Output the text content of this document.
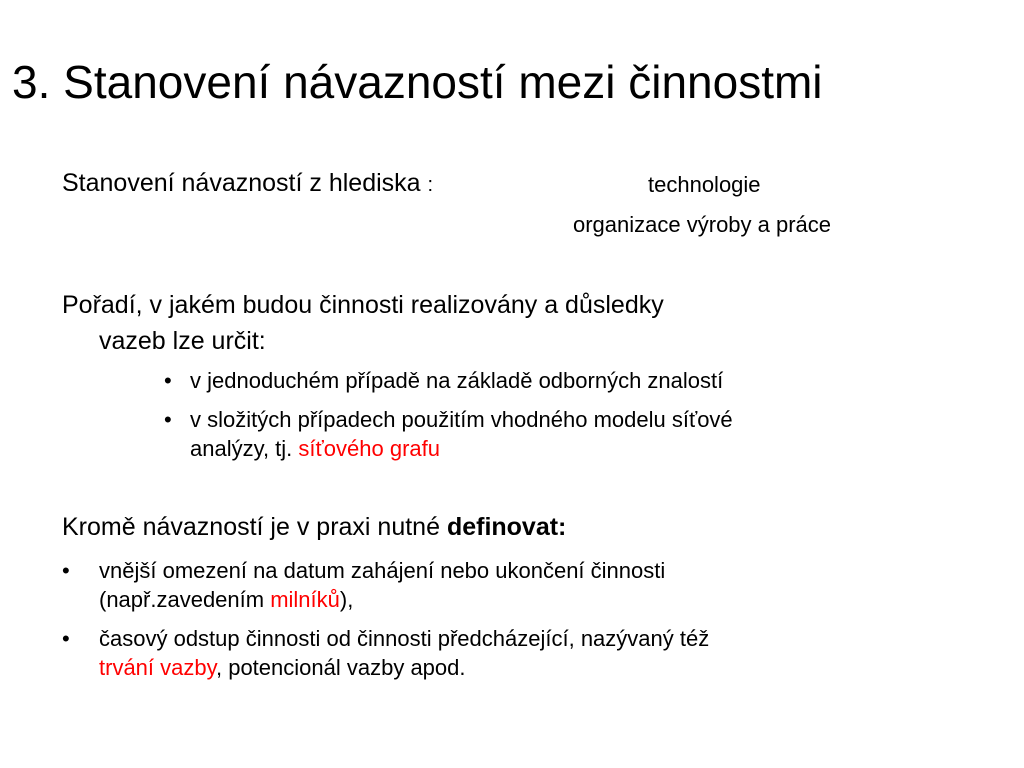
3. Stanovení návazností mezi činnostmi
Stanovení návazností z hlediska :	technologie
organizace výroby a práce
Pořadí, v jakém budou činnosti realizovány a důsledky
vazeb lze určit:
• v jednoduchém případě na základě odborných znalostí
• v složitých případech použitím vhodného modelu síťové
analýzy, tj. síťového grafu
Kromě návazností je v praxi nutné definovat:
• vnější omezení na datum zahájení nebo ukončení činnosti
(např.zavedením milníků),
• časový odstup činnosti od činnosti předcházející, nazývaný též
trvání vazby, potencionál vazby apod.
